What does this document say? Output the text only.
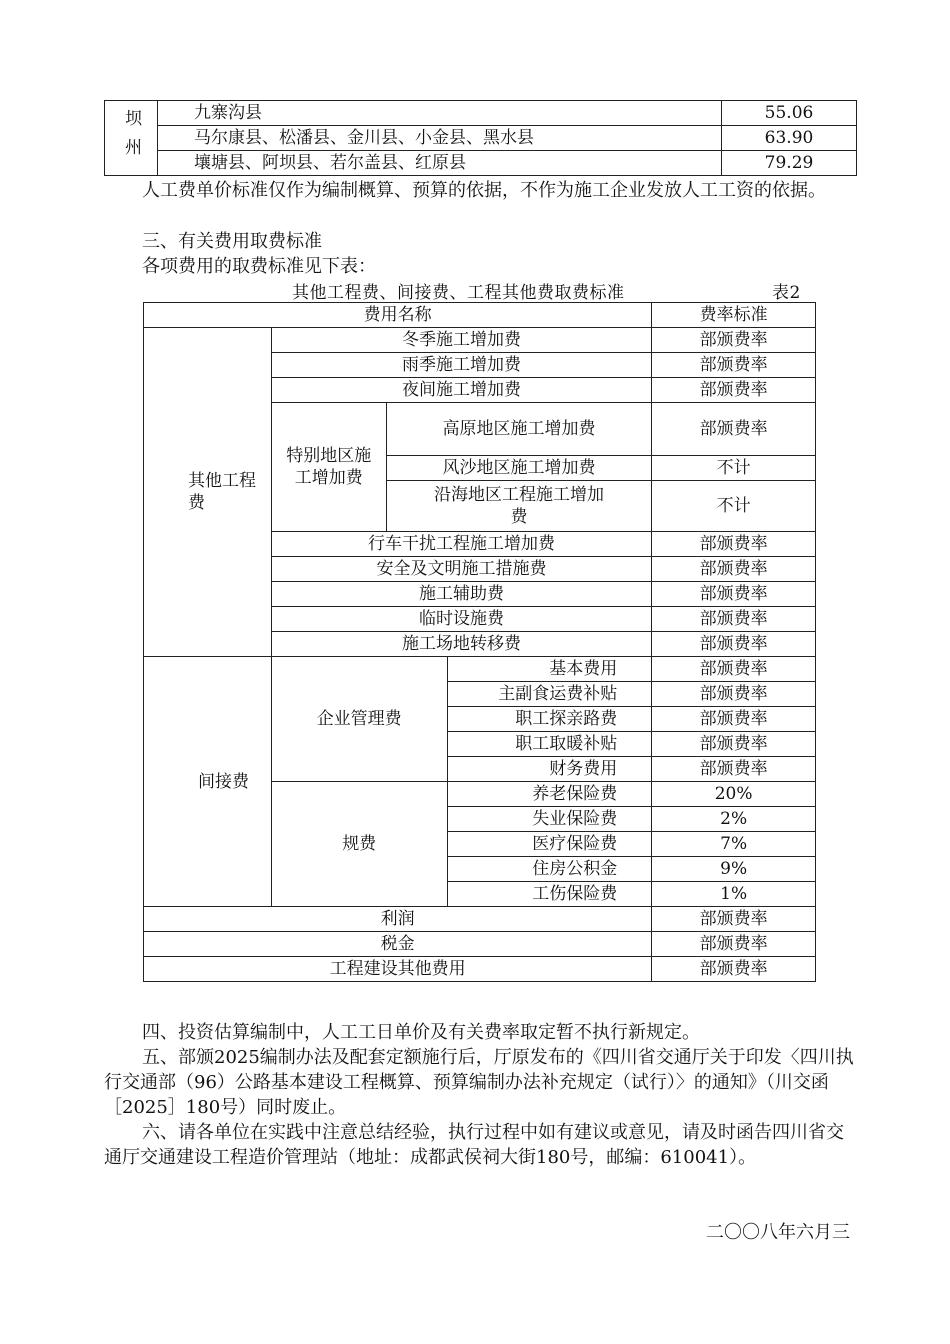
坝州	九寨沟县	55.06
	马尔康县、松潘县、金川县、小金县、黑水县	63.90
	壤塘县、阿坝县、若尔盖县、红原县	79.29

人工费单价标准仅作为编制概算、预算的依据，不作为施工企业发放人工工资的依据。

三、有关费用取费标准

各项费用的取费标准见下表：

其他工程费、间接费、工程其他费取费标准	表2
费用名称				费率标准
其他工程费	冬季施工增加费			部颁费率
	雨季施工增加费			部颁费率
	夜间施工增加费			部颁费率
	特别地区施工增加费	高原地区施工增加费		部颁费率
		风沙地区施工增加费		不计
		沿海地区工程施工增加费		不计
	行车干扰工程施工增加费			部颁费率
	安全及文明施工措施费			部颁费率
	施工辅助费			部颁费率
	临时设施费			部颁费率
	施工场地转移费			部颁费率
间接费	企业管理费		基本费用	部颁费率
			主副食运费补贴	部颁费率
			职工探亲路费	部颁费率
			职工取暖补贴	部颁费率
			财务费用	部颁费率
	规费		养老保险费	20%
			失业保险费	2%
			医疗保险费	7%
			住房公积金	9%
			工伤保险费	1%
利润				部颁费率
税金				部颁费率
工程建设其他费用				部颁费率

四、投资估算编制中，人工工日单价及有关费率取定暂不执行新规定。

五、部颁2025编制办法及配套定额施行后，厅原发布的《四川省交通厅关于印发〈四川执行交通部（96）公路基本建设工程概算、预算编制办法补充规定（试行）〉的通知》（川交函［2025］180号）同时废止。

六、请各单位在实践中注意总结经验，执行过程中如有建议或意见，请及时函告四川省交通厅交通建设工程造价管理站（地址：成都武侯祠大街180号，邮编：610041）。

二〇〇八年六月三
